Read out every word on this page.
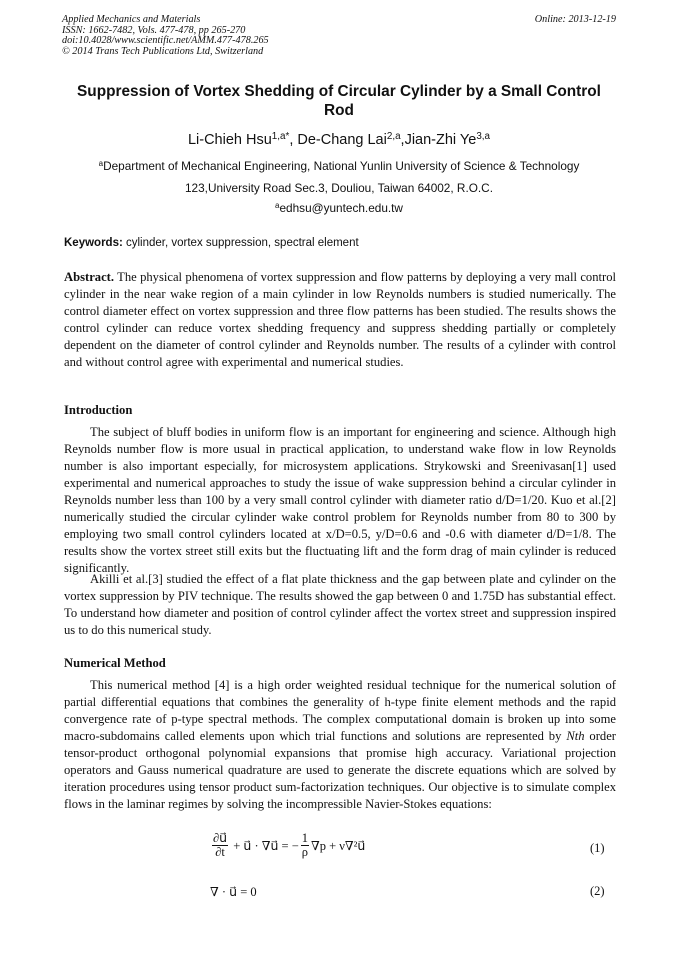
Applied Mechanics and Materials
ISSN: 1662-7482, Vols. 477-478, pp 265-270
doi:10.4028/www.scientific.net/AMM.477-478.265
© 2014 Trans Tech Publications Ltd, Switzerland
Online: 2013-12-19
Suppression of Vortex Shedding of Circular Cylinder by a Small Control Rod
Li-Chieh Hsu$^{1,a*}$, De-Chang Lai$^{2,a}$,Jian-Zhi Ye$^{3,a}$
$^a$Department of Mechanical Engineering, National Yunlin University of Science & Technology
123,University Road Sec.3, Douliou, Taiwan 64002, R.O.C.
$^a$edhsu@yuntech.edu.tw
Keywords: cylinder, vortex suppression, spectral element

Abstract. The physical phenomena of vortex suppression and flow patterns by deploying a very mall control cylinder in the near wake region of a main cylinder in low Reynolds numbers is studied numerically. The control diameter effect on vortex suppression and three flow patterns has been studied. The results shows the control cylinder can reduce vortex shedding frequency and suppress shedding partially or completely dependent on the diameter of control cylinder and Reynolds number. The results of a cylinder with control and without control agree with experimental and numerical studies.

Introduction

The subject of bluff bodies in uniform flow is an important for engineering and science. Although high Reynolds number flow is more usual in practical application, to understand wake flow in low Reynolds number is also important especially, for microsystem applications. Strykowski and Sreenivasan[1] used experimental and numerical approaches to study the issue of wake suppression behind a circular cylinder in Reynolds number less than 100 by a very small control cylinder with diameter ratio d/D=1/20. Kuo et al.[2] numerically studied the circular cylinder wake control problem for Reynolds number from 80 to 300 by employing two small control cylinders located at x/D=0.5, y/D=0.6 and -0.6 with diameter d/D=1/8. The results show the vortex street still exits but the fluctuating lift and the form drag of main cylinder is reduced significantly.

Akilli et al.[3] studied the effect of a flat plate thickness and the gap between plate and cylinder on the vortex suppression by PIV technique. The results showed the gap between 0 and 1.75D has substantial effect. To understand how diameter and position of control cylinder affect the vortex street and suppression inspired us to do this numerical study.

Numerical Method

This numerical method [4] is a high order weighted residual technique for the numerical solution of partial differential equations that combines the generality of h-type finite element methods and the rapid convergence rate of p-type spectral methods. The complex computational domain is broken up into some macro-subdomains called elements upon which trial functions and solutions are represented by Nth order tensor-product orthogonal polynomial expansions that promise high accuracy. Variational projection operators and Gauss numerical quadrature are used to generate the discrete equations which are solved by iteration procedures using tensor product sum-factorization techniques. Our objective is to simulate complex flows in the laminar regimes by solving the incompressible Navier-Stokes equations:

$\frac{\partial u⃗}{\partial t}$ + u⃗ · ∇u⃗ = − $\frac{1}{\rho} \nabla p$ + ν∇²u⃗	(1)
∇ · u⃗ = 0	(2)
